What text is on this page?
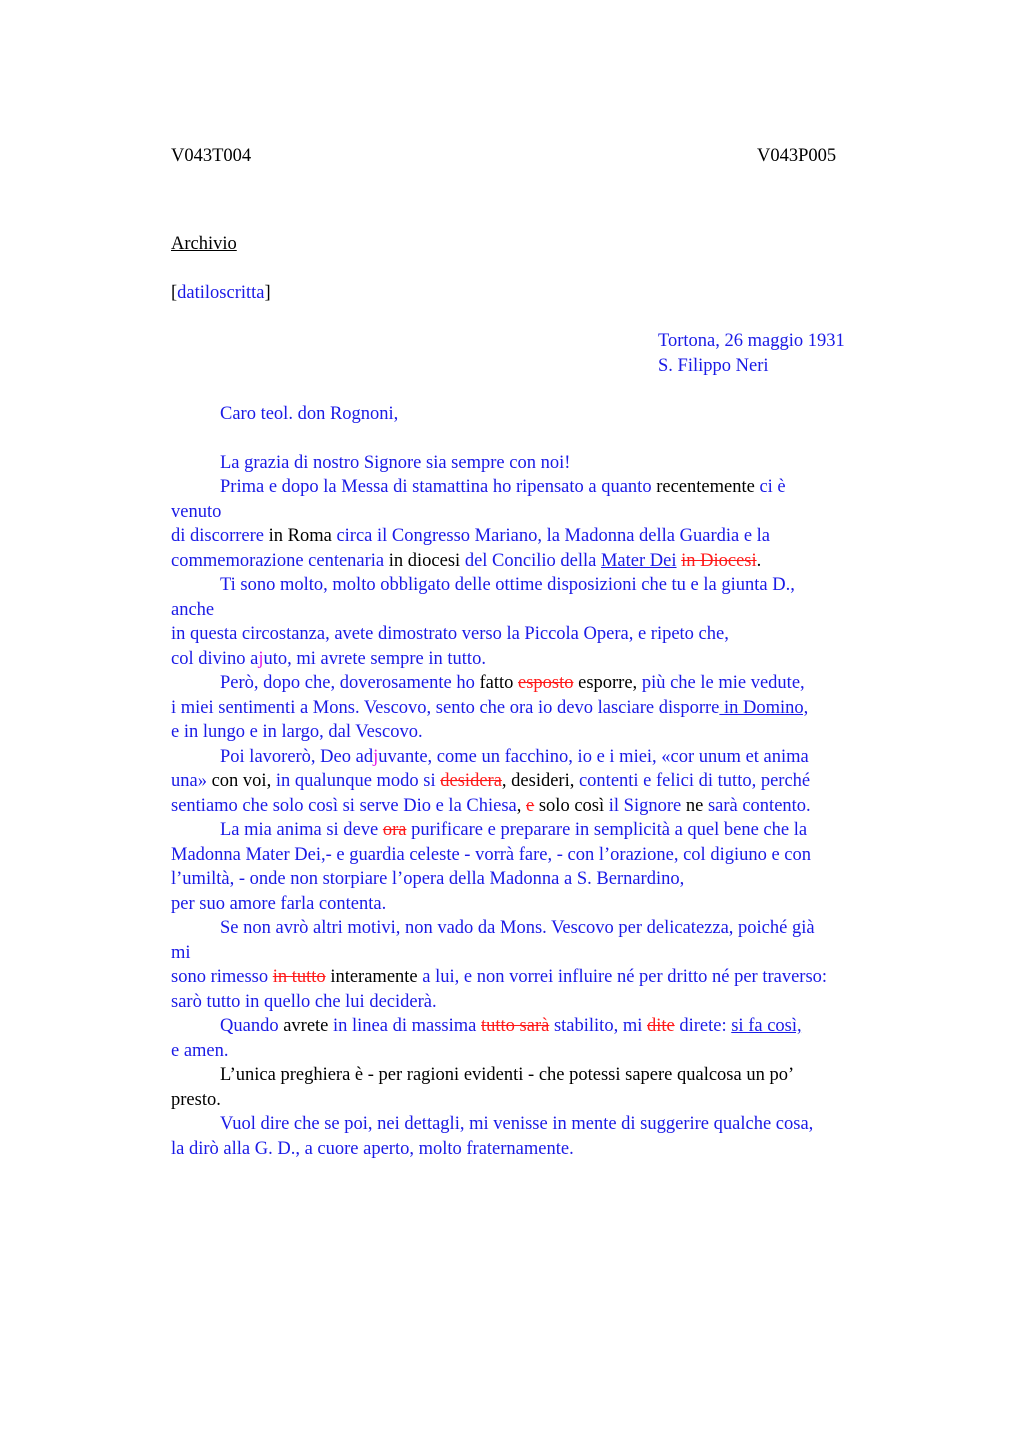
V043T004	V043P005
Archivio
[datiloscritta]
Tortona, 26 maggio 1931
S. Filippo Neri
Caro teol. don Rognoni,
La grazia di nostro Signore sia sempre con noi!
Prima e dopo la Messa di stamattina ho ripensato a quanto recentemente ci è
venuto
di discorrere in Roma circa il Congresso Mariano, la Madonna della Guardia e la
commemorazione centenaria in diocesi del Concilio della Mater Dei in Diocesi.
Ti sono molto, molto obbligato delle ottime disposizioni che tu e la giunta D.,
anche
in questa circostanza, avete dimostrato verso la Piccola Opera, e ripeto che,
col divino ajuto, mi avrete sempre in tutto.
Però, dopo che, doverosamente ho fatto esposto esporre, più che le mie vedute,
i miei sentimenti a Mons. Vescovo, sento che ora io devo lasciare disporre in Domino,
e in lungo e in largo, dal Vescovo.
Poi lavorerò, Deo adjuvante, come un facchino, io e i miei, «cor unum et anima
una» con voi, in qualunque modo si desidera, desideri, contenti e felici di tutto, perché
sentiamo che solo così si serve Dio e la Chiesa, e solo così il Signore ne sarà contento.
La mia anima si deve ora purificare e preparare in semplicità a quel bene che la
Madonna Mater Dei,- e guardia celeste - vorrà fare, - con l’orazione, col digiuno e con
l’umiltà, - onde non storpiare l’opera della Madonna a S. Bernardino,
per suo amore farla contenta.
Se non avrò altri motivi, non vado da Mons. Vescovo per delicatezza, poiché già
mi
sono rimesso in tutto interamente a lui, e non vorrei influire né per dritto né per traverso:
sarò tutto in quello che lui deciderà.
Quando avrete in linea di massima tutto sarà stabilito, mi dite direte: si fa così,
e amen.
L’unica preghiera è - per ragioni evidenti - che potessi sapere qualcosa un po’
presto.
Vuol dire che se poi, nei dettagli, mi venisse in mente di suggerire qualche cosa,
la dirò alla G. D., a cuore aperto, molto fraternamente.
